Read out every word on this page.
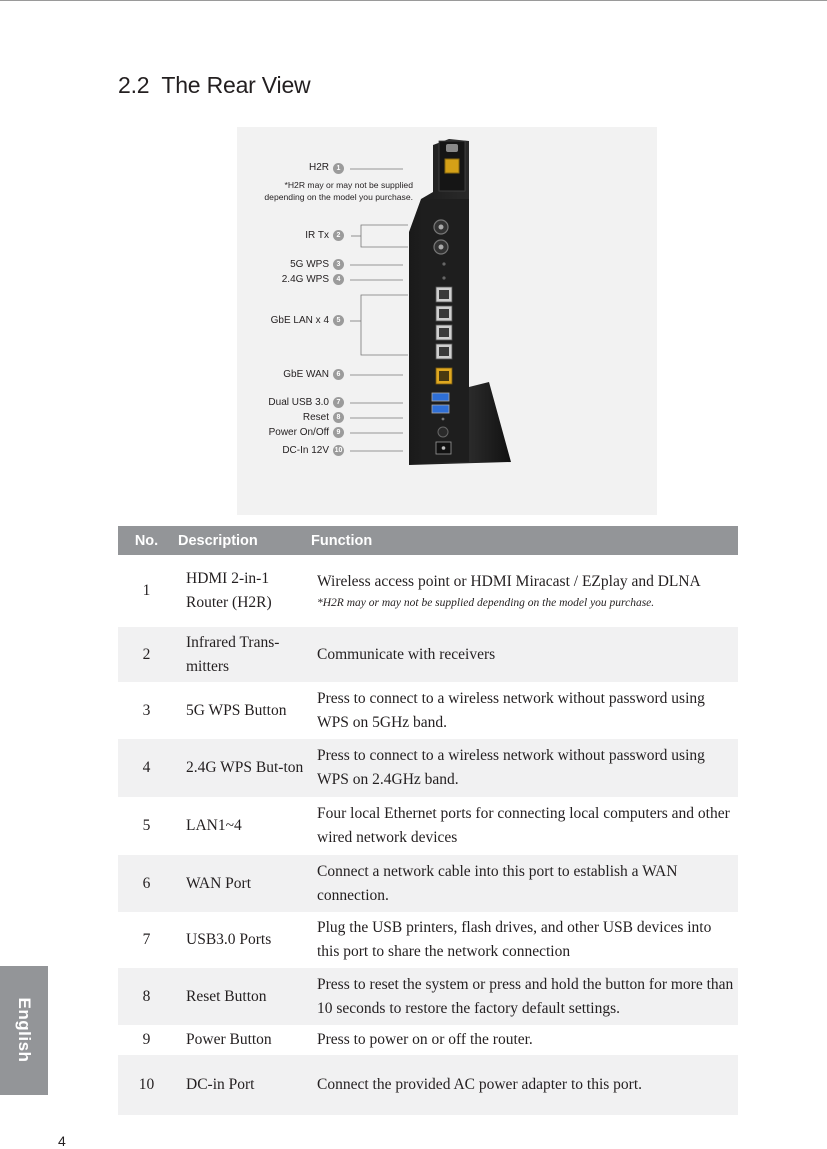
2.2 The Rear View
H2R	1
*H2R may or may not be supplied
depending on the model you purchase.
IR Tx	2
5G WPS	3
2.4G WPS	4
GbE LAN x 4	5
GbE WAN	6
Dual USB 3.0	7
Reset	8
Power On/Off	9
DC-In 12V 10
No.	Description	Function
1	HDMI 2-in-1 Router (H2R)	Wireless access point or HDMI Miracast / EZplay and DLNA
*H2R may or may not be supplied depending on the model you purchase.

2	Infrared Trans-mitters	Communicate with receivers
3	5G WPS Button	Press to connect to a wireless network without password using WPS on 5GHz band.
4	2.4G WPS But-ton	Press to connect to a wireless network without password using WPS on 2.4GHz band.
5	LAN1~4	Four local Ethernet ports for connecting local computers and other wired network devices
6	WAN Port	Connect a network cable into this port to establish a WAN connection.
7	USB3.0 Ports	Plug the USB printers, flash drives, and other USB devices into this port to share the network connection
8	Reset Button	Press to reset the system or press and hold the button for more than 10 seconds to restore the factory default settings.
9	Power Button	Press to power on or off the router.
10	DC-in Port	Connect the provided AC power adapter to this port.
English
4
